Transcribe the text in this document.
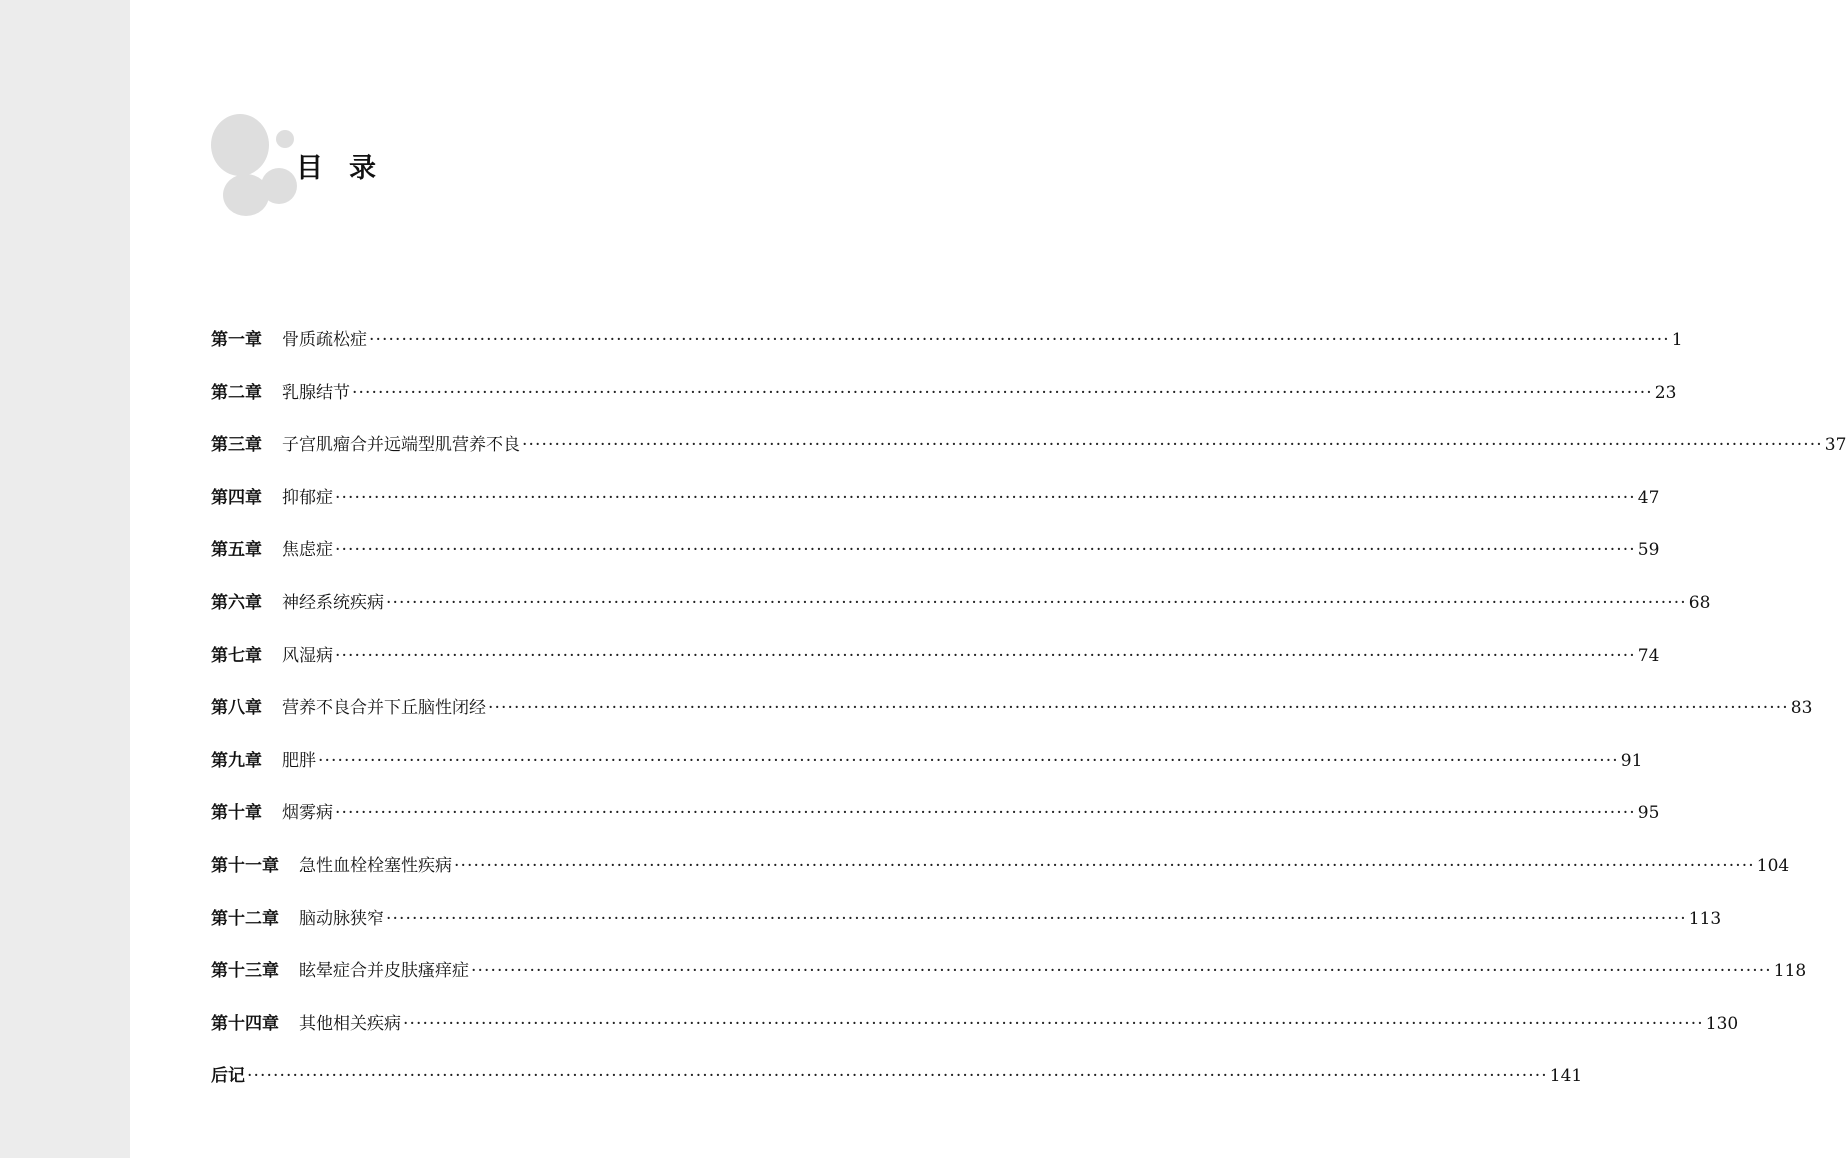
目录
第一章 骨质疏松症 ········································································································································································································ 1
第二章 乳腺结节 ········································································································································································································ 23
第三章 子宫肌瘤合并远端型肌营养不良 ········································································································································································································ 37
第四章 抑郁症 ········································································································································································································ 47
第五章 焦虑症 ········································································································································································································ 59
第六章 神经系统疾病 ········································································································································································································ 68
第七章 风湿病 ········································································································································································································ 74
第八章 营养不良合并下丘脑性闭经 ········································································································································································································ 83
第九章 肥胖 ········································································································································································································ 91
第十章 烟雾病 ········································································································································································································ 95
第十一章 急性血栓栓塞性疾病 ········································································································································································································ 104
第十二章 脑动脉狭窄 ········································································································································································································ 113
第十三章 眩晕症合并皮肤瘙痒症 ········································································································································································································ 118
第十四章 其他相关疾病 ········································································································································································································ 130
后记 ········································································································································································································ 141
